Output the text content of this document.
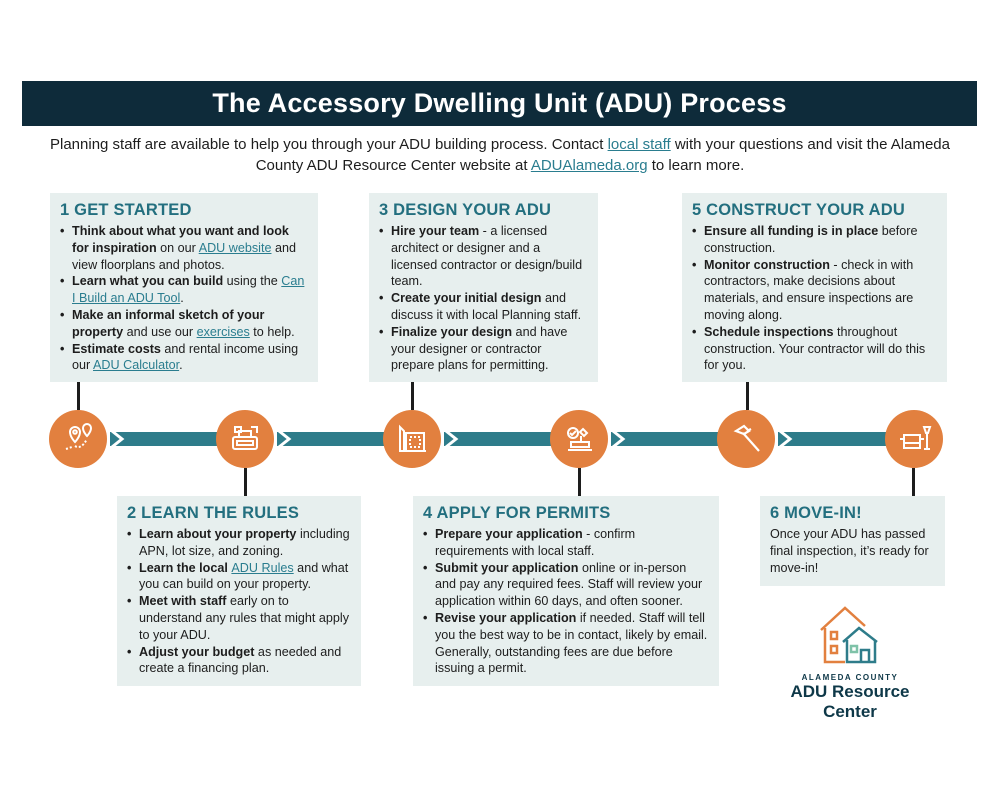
The Accessory Dwelling Unit (ADU) Process
Planning staff are available to help you through your ADU building process. Contact local staff with your questions and visit the Alameda County ADU Resource Center website at ADUAlameda.org to learn more.
1 GET STARTED
• Think about what you want and look for inspiration on our ADU website and view floorplans and photos.
• Learn what you can build using the Can I Build an ADU Tool.
• Make an informal sketch of your property and use our exercises to help.
• Estimate costs and rental income using our ADU Calculator.
3 DESIGN YOUR ADU
• Hire your team - a licensed architect or designer and a licensed contractor or design/build team.
• Create your initial design and discuss it with local Planning staff.
• Finalize your design and have your designer or contractor prepare plans for permitting.
5 CONSTRUCT YOUR ADU
• Ensure all funding is in place before construction.
• Monitor construction - check in with contractors, make decisions about materials, and ensure inspections are moving along.
• Schedule inspections throughout construction. Your contractor will do this for you.
2 LEARN THE RULES
• Learn about your property including APN, lot size, and zoning.
• Learn the local ADU Rules and what you can build on your property.
• Meet with staff early on to understand any rules that might apply to your ADU.
• Adjust your budget as needed and create a financing plan.
4 APPLY FOR PERMITS
• Prepare your application - confirm requirements with local staff.
• Submit your application online or in-person and pay any required fees. Staff will review your application within 60 days, and often sooner.
• Revise your application if needed. Staff will tell you the best way to be in contact, likely by email. Generally, outstanding fees are due before issuing a permit.
6 MOVE-IN!

Once your ADU has passed final inspection, it’s ready for move-in!

ALAMEDA COUNTY
ADU Resource
Center
